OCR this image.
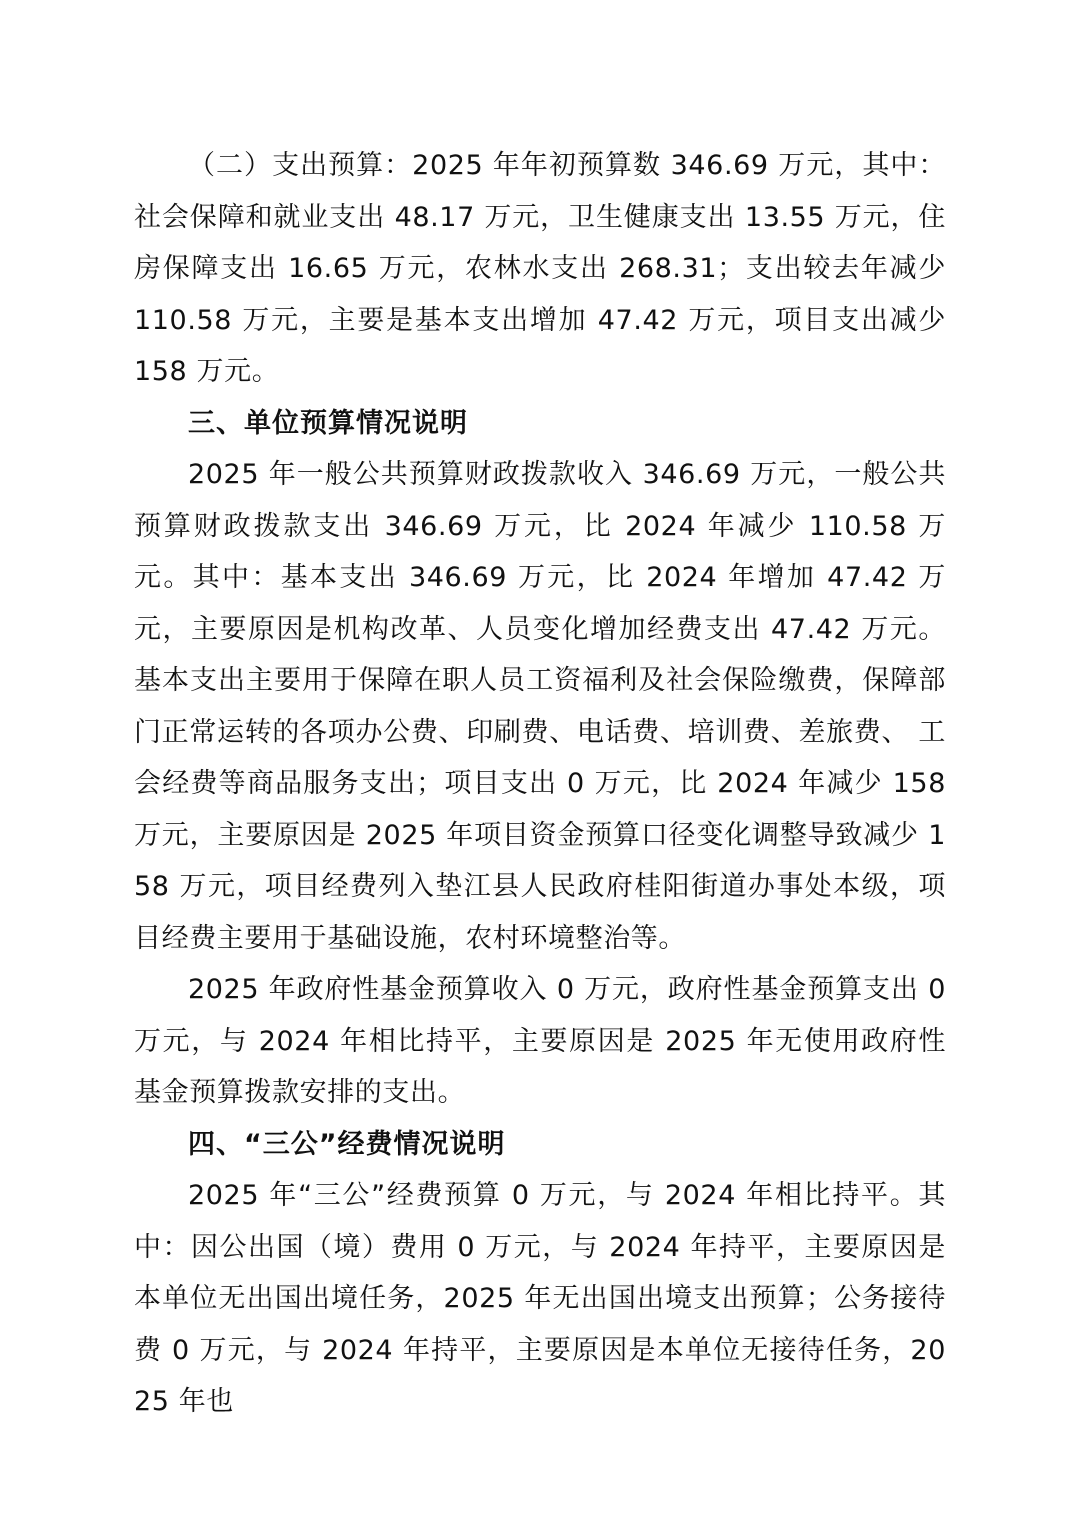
（二）支出预算：2025 年年初预算数 346.69 万元，其中：社会保障和就业支出 48.17 万元，卫生健康支出 13.55 万元，住房保障支出 16.65 万元，农林水支出 268.31；支出较去年减少 110.58 万元，主要是基本支出增加 47.42 万元，项目支出减少 158 万元。

三、单位预算情况说明

2025 年一般公共预算财政拨款收入 346.69 万元，一般公共预算财政拨款支出 346.69 万元，比 2024 年减少 110.58 万元。其中：基本支出 346.69 万元，比 2024 年增加 47.42 万元，主要原因是机构改革、人员变化增加经费支出 47.42 万元。基本支出主要用于保障在职人员工资福利及社会保险缴费，保障部门正常运转的各项办公费、印刷费、电话费、培训费、差旅费、 工会经费等商品服务支出；项目支出 0 万元，比 2024 年减少 158 万元，主要原因是 2025 年项目资金预算口径变化调整导致减少 158 万元，项目经费列入垫江县人民政府桂阳街道办事处本级，项目经费主要用于基础设施，农村环境整治等。

2025 年政府性基金预算收入 0 万元，政府性基金预算支出 0 万元，与 2024 年相比持平，主要原因是 2025 年无使用政府性基金预算拨款安排的支出。

四、“三公”经费情况说明

2025 年“三公”经费预算 0 万元，与 2024 年相比持平。其中：因公出国（境）费用 0 万元，与 2024 年持平，主要原因是本单位无出国出境任务，2025 年无出国出境支出预算；公务接待费 0 万元，与 2024 年持平，主要原因是本单位无接待任务，2025 年也
